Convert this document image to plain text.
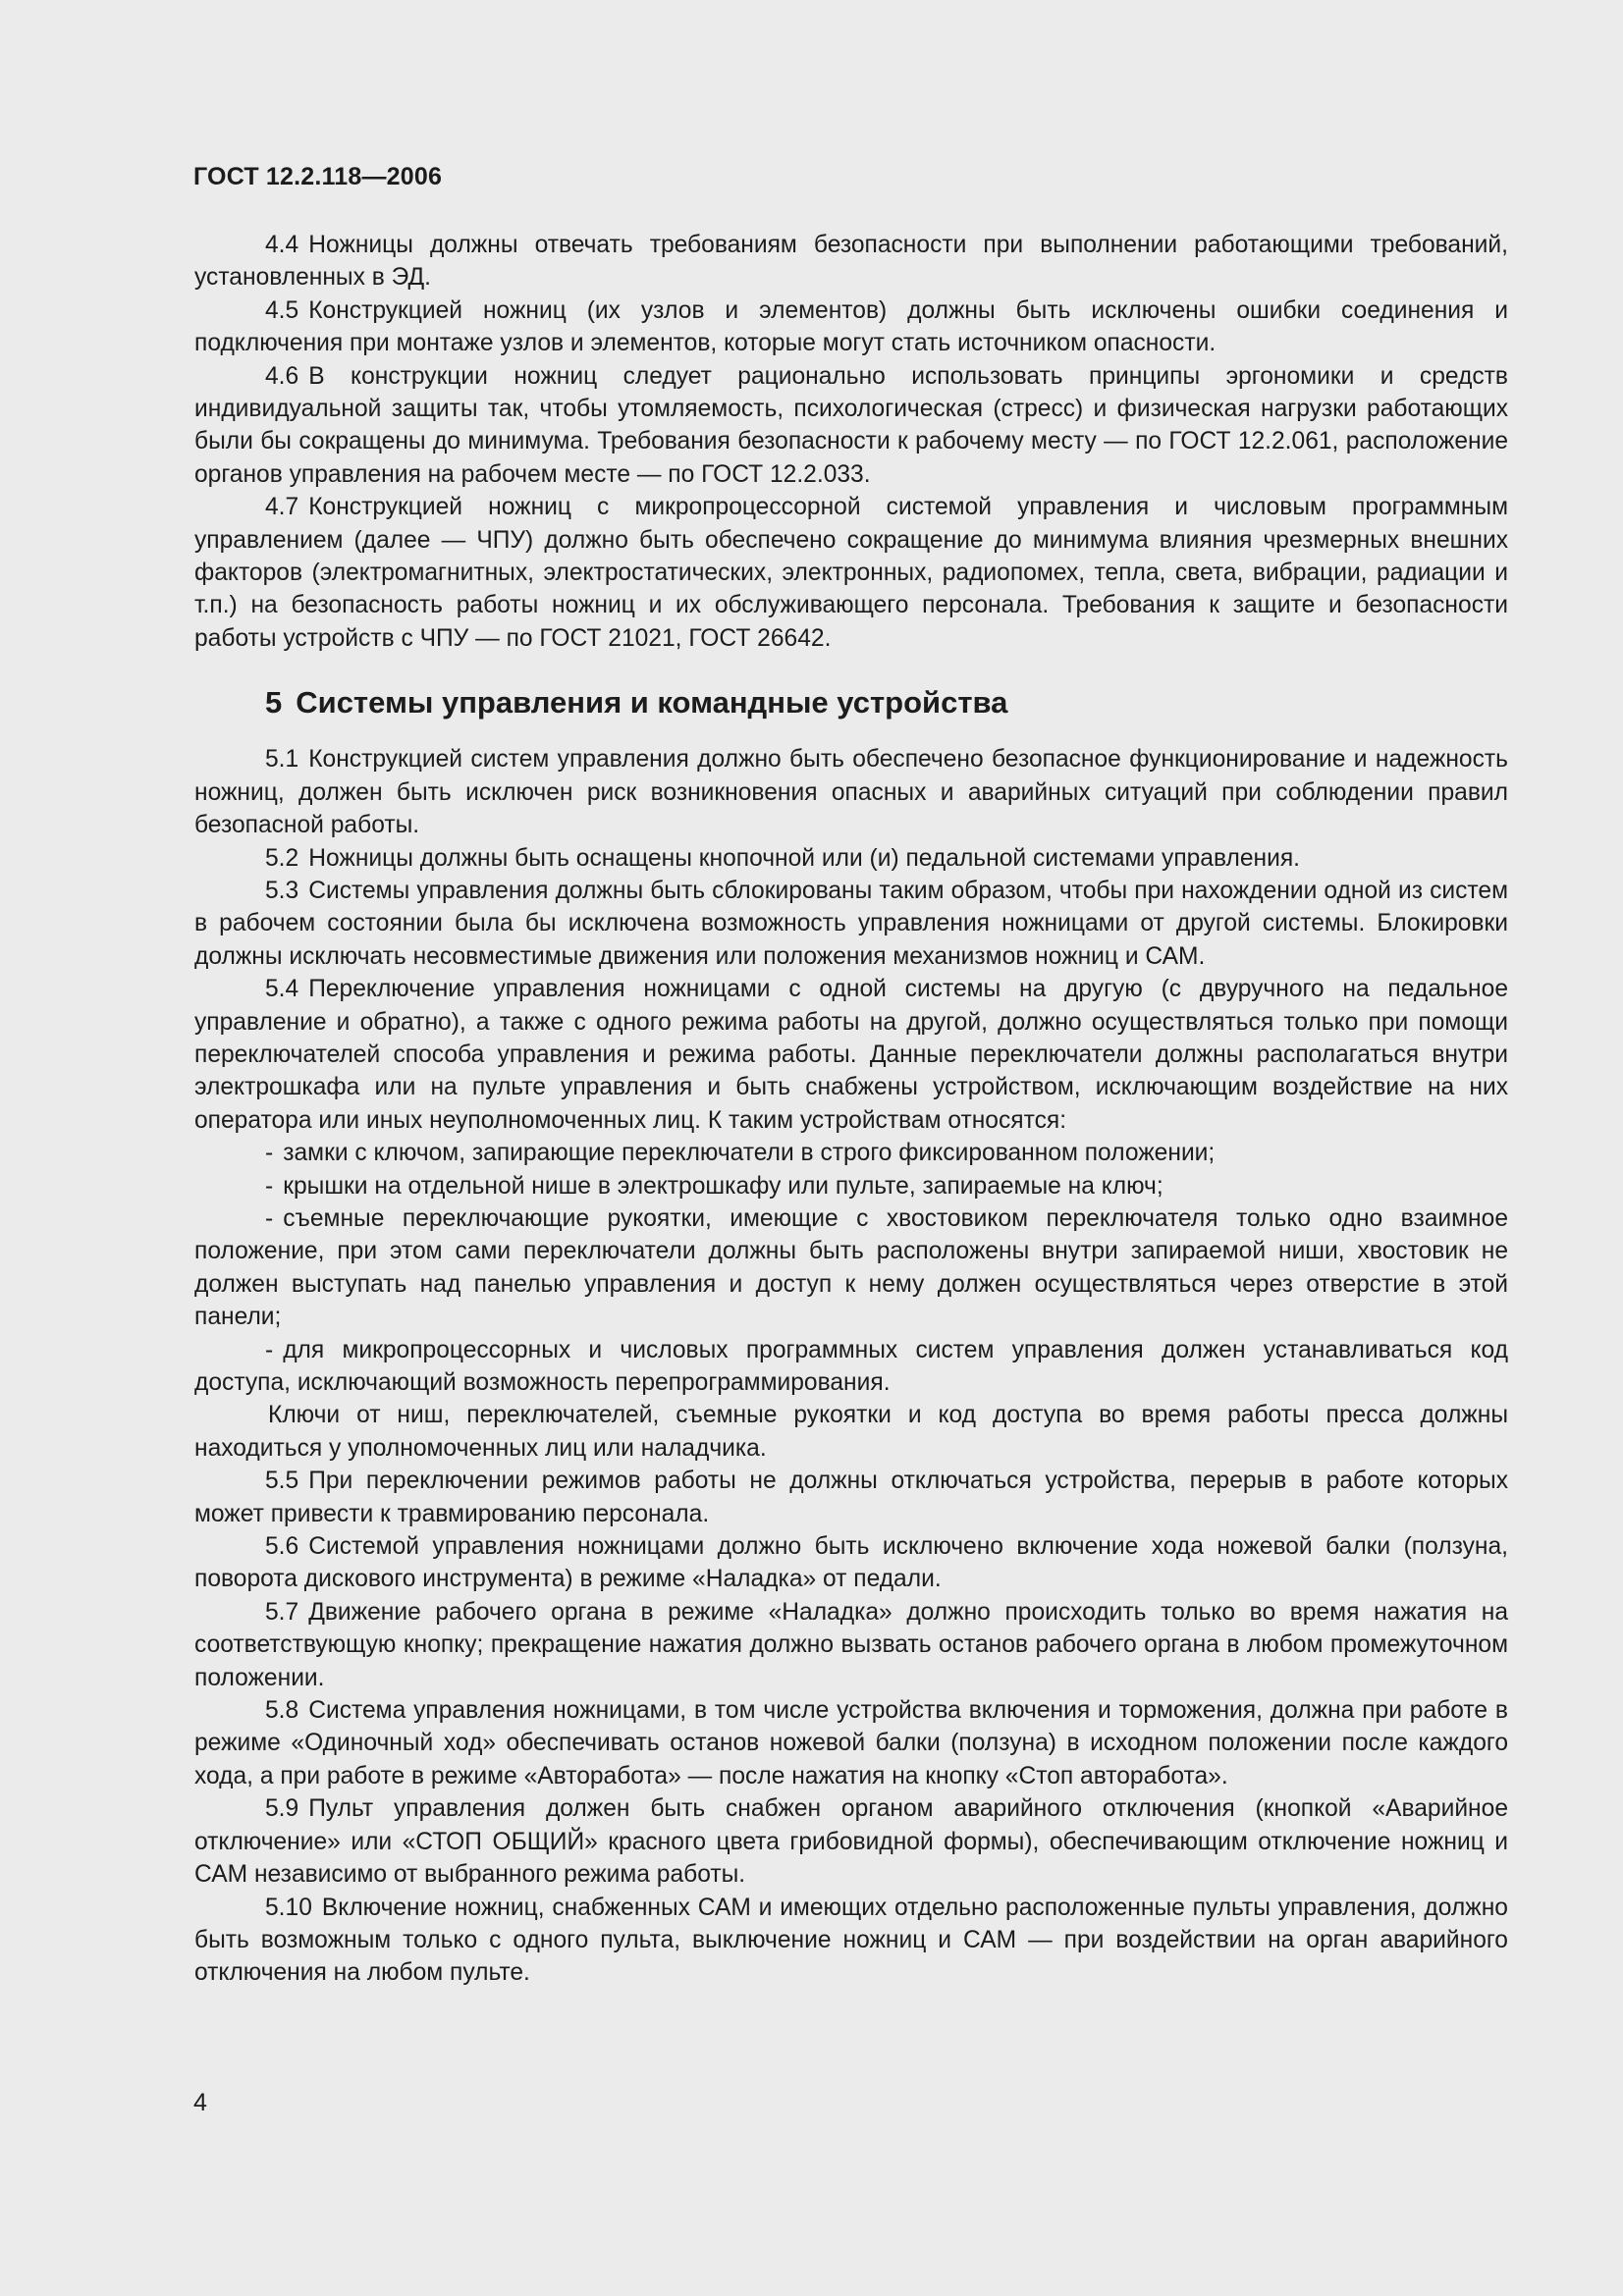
ГОСТ 12.2.118—2006

4.4 Ножницы должны отвечать требованиям безопасности при выполнении работающими требований, установленных в ЭД.

4.5 Конструкцией ножниц (их узлов и элементов) должны быть исключены ошибки соединения и подключения при монтаже узлов и элементов, которые могут стать источником опасности.

4.6 В конструкции ножниц следует рационально использовать принципы эргономики и средств индивидуальной защиты так, чтобы утомляемость, психологическая (стресс) и физическая нагрузки работающих были бы сокращены до минимума. Требования безопасности к рабочему месту — по ГОСТ 12.2.061, расположение органов управления на рабочем месте — по ГОСТ 12.2.033.

4.7 Конструкцией ножниц с микропроцессорной системой управления и числовым программным управлением (далее — ЧПУ) должно быть обеспечено сокращение до минимума влияния чрезмерных внешних факторов (электромагнитных, электростатических, электронных, радиопомех, тепла, света, вибрации, радиации и т.п.) на безопасность работы ножниц и их обслуживающего персонала. Требования к защите и безопасности работы устройств с ЧПУ — по ГОСТ 21021, ГОСТ 26642.

5 Системы управления и командные устройства

5.1 Конструкцией систем управления должно быть обеспечено безопасное функционирование и надежность ножниц, должен быть исключен риск возникновения опасных и аварийных ситуаций при соблюдении правил безопасной работы.

5.2 Ножницы должны быть оснащены кнопочной или (и) педальной системами управления.

5.3 Системы управления должны быть сблокированы таким образом, чтобы при нахождении одной из систем в рабочем состоянии была бы исключена возможность управления ножницами от другой системы. Блокировки должны исключать несовместимые движения или положения механизмов ножниц и САМ.

5.4 Переключение управления ножницами с одной системы на другую (с двуручного на педальное управление и обратно), а также с одного режима работы на другой, должно осуществляться только при помощи переключателей способа управления и режима работы. Данные переключатели должны располагаться внутри электрошкафа или на пульте управления и быть снабжены устройством, исключающим воздействие на них оператора или иных неуполномоченных лиц. К таким устройствам относятся:

- замки с ключом, запирающие переключатели в строго фиксированном положении;

- крышки на отдельной нише в электрошкафу или пульте, запираемые на ключ;

- съемные переключающие рукоятки, имеющие с хвостовиком переключателя только одно взаимное положение, при этом сами переключатели должны быть расположены внутри запираемой ниши, хвостовик не должен выступать над панелью управления и доступ к нему должен осуществляться через отверстие в этой панели;

- для микропроцессорных и числовых программных систем управления должен устанавливаться код доступа, исключающий возможность перепрограммирования.

Ключи от ниш, переключателей, съемные рукоятки и код доступа во время работы пресса должны находиться у уполномоченных лиц или наладчика.

5.5 При переключении режимов работы не должны отключаться устройства, перерыв в работе которых может привести к травмированию персонала.

5.6 Системой управления ножницами должно быть исключено включение хода ножевой балки (ползуна, поворота дискового инструмента) в режиме «Наладка» от педали.

5.7 Движение рабочего органа в режиме «Наладка» должно происходить только во время нажатия на соответствующую кнопку; прекращение нажатия должно вызвать останов рабочего органа в любом промежуточном положении.

5.8 Система управления ножницами, в том числе устройства включения и торможения, должна при работе в режиме «Одиночный ход» обеспечивать останов ножевой балки (ползуна) в исходном положении после каждого хода, а при работе в режиме «Авторабота» — после нажатия на кнопку «Стоп авторабота».

5.9 Пульт управления должен быть снабжен органом аварийного отключения (кнопкой «Аварийное отключение» или «СТОП ОБЩИЙ» красного цвета грибовидной формы), обеспечивающим отключение ножниц и САМ независимо от выбранного режима работы.

5.10 Включение ножниц, снабженных САМ и имеющих отдельно расположенные пульты управления, должно быть возможным только с одного пульта, выключение ножниц и САМ — при воздействии на орган аварийного отключения на любом пульте.

4
